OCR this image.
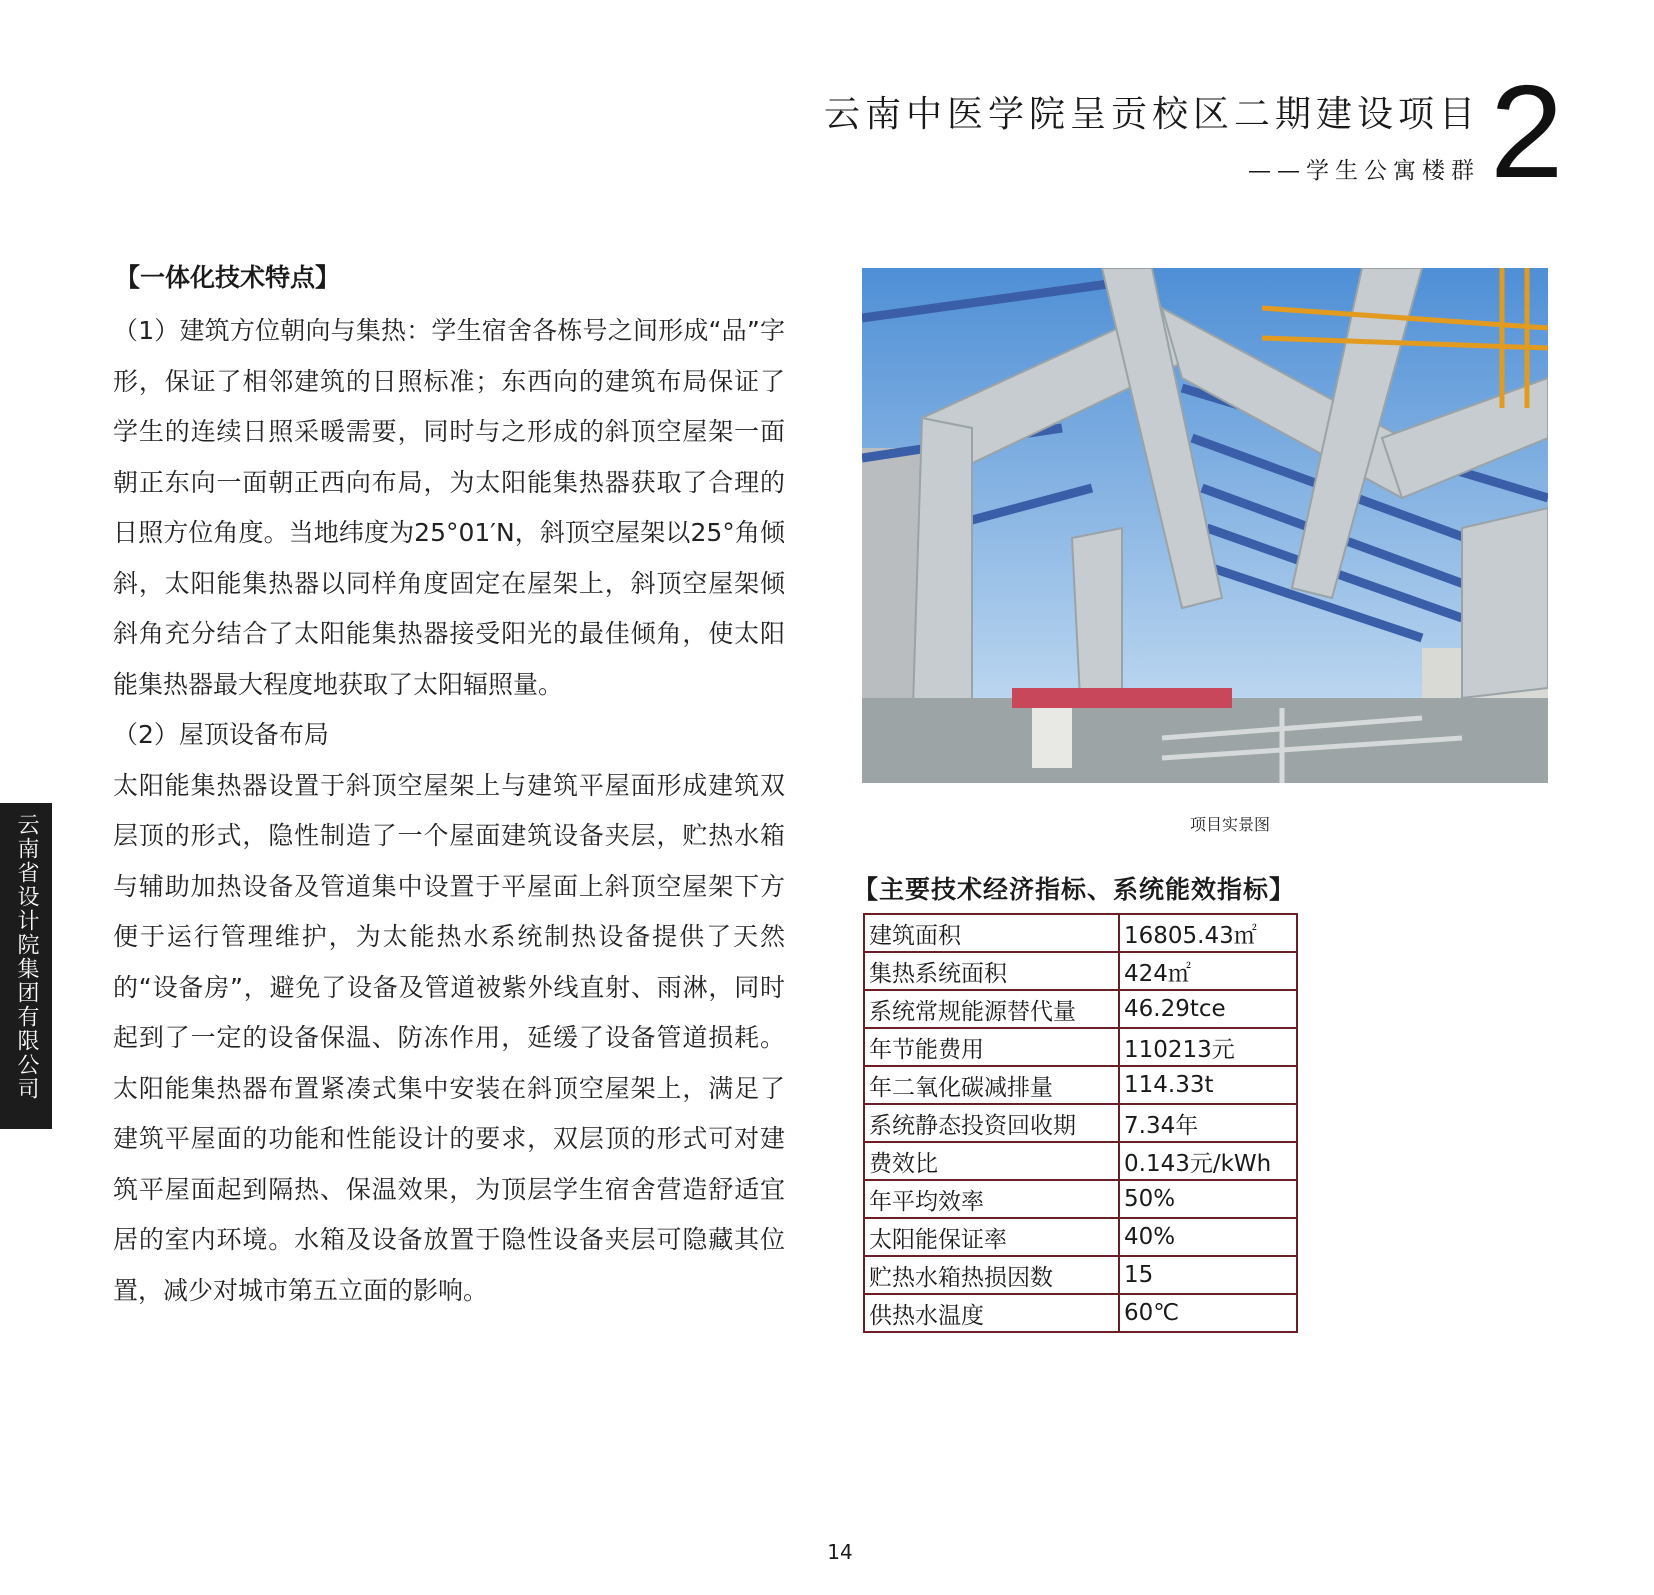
云南中医学院呈贡校区二期建设项目
——学生公寓楼群 2
【一体化技术特点】

（1）建筑方位朝向与集热：学生宿舍各栋号之间形成“品”字形，保证了相邻建筑的日照标准；东西向的建筑布局保证了学生的连续日照采暖需要，同时与之形成的斜顶空屋架一面朝正东向一面朝正西向布局，为太阳能集热器获取了合理的日照方位角度。当地纬度为25°01′N，斜顶空屋架以25°角倾斜，太阳能集热器以同样角度固定在屋架上，斜顶空屋架倾斜角充分结合了太阳能集热器接受阳光的最佳倾角，使太阳能集热器最大程度地获取了太阳辐照量。

（2）屋顶设备布局

太阳能集热器设置于斜顶空屋架上与建筑平屋面形成建筑双层顶的形式，隐性制造了一个屋面建筑设备夹层，贮热水箱与辅助加热设备及管道集中设置于平屋面上斜顶空屋架下方便于运行管理维护，为太能热水系统制热设备提供了天然的“设备房”，避免了设备及管道被紫外线直射、雨淋，同时起到了一定的设备保温、防冻作用，延缓了设备管道损耗。太阳能集热器布置紧凑式集中安装在斜顶空屋架上，满足了建筑平屋面的功能和性能设计的要求，双层顶的形式可对建筑平屋面起到隔热、保温效果，为顶层学生宿舍营造舒适宜居的室内环境。水箱及设备放置于隐性设备夹层可隐藏其位置，减少对城市第五立面的影响。

项目实景图
【主要技术经济指标、系统能效指标】
建筑面积	16805.43㎡
集热系统面积	424㎡
系统常规能源替代量	46.29tce
年节能费用	110213元
年二氧化碳减排量	114.33t
系统静态投资回收期	7.34年
费效比	0.143元/kWh
年平均效率	50%
太阳能保证率	40%
贮热水箱热损因数	15
供热水温度	60℃
云南省设计院集团有限公司
14
